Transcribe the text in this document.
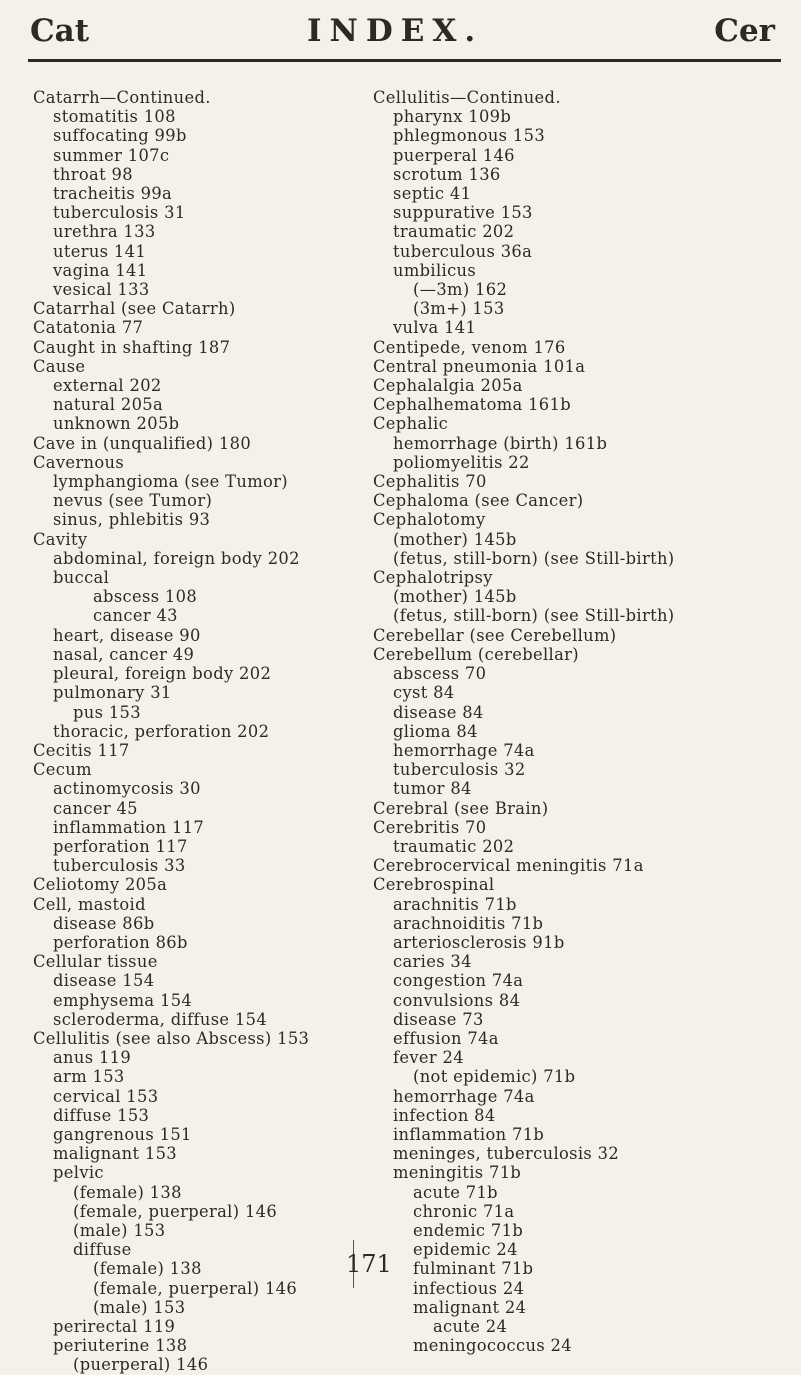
Cat	INDEX.	Cer
Catarrh—Continued.
stomatitis 108
suffocating 99b
summer 107c
throat 98
tracheitis 99a
tuberculosis 31
urethra 133
uterus 141
vagina 141
vesical 133
Catarrhal (see Catarrh)
Catatonia 77
Caught in shafting 187
Cause
external 202
natural 205a
unknown 205b
Cave in (unqualified) 180
Cavernous
lymphangioma (see Tumor)
nevus (see Tumor)
sinus, phlebitis 93
Cavity
abdominal, foreign body 202
buccal
abscess 108
cancer 43
heart, disease 90
nasal, cancer 49
pleural, foreign body 202
pulmonary 31
pus 153
thoracic, perforation 202
Cecitis 117
Cecum
actinomycosis 30
cancer 45
inflammation 117
perforation 117
tuberculosis 33
Celiotomy 205a
Cell, mastoid
disease 86b
perforation 86b
Cellular tissue
disease 154
emphysema 154
scleroderma, diffuse 154
Cellulitis (see also Abscess) 153
anus 119
arm 153
cervical 153
diffuse 153
gangrenous 151
malignant 153
pelvic
(female) 138
(female, puerperal) 146
(male) 153
diffuse
(female) 138
(female, puerperal) 146
(male) 153
perirectal 119
periuterine 138
(puerperal) 146
Cellulitis—Continued.
pharynx 109b
phlegmonous 153
puerperal 146
scrotum 136
septic 41
suppurative 153
traumatic 202
tuberculous 36a
umbilicus
(—3m) 162
(3m+) 153
vulva 141
Centipede, venom 176
Central pneumonia 101a
Cephalalgia 205a
Cephalhematoma 161b
Cephalic
hemorrhage (birth) 161b
poliomyelitis 22
Cephalitis 70
Cephaloma (see Cancer)
Cephalotomy
(mother) 145b
(fetus, still-born) (see Still-birth)
Cephalotripsy
(mother) 145b
(fetus, still-born) (see Still-birth)
Cerebellar (see Cerebellum)
Cerebellum (cerebellar)
abscess 70
cyst 84
disease 84
glioma 84
hemorrhage 74a
tuberculosis 32
tumor 84
Cerebral (see Brain)
Cerebritis 70
traumatic 202
Cerebrocervical meningitis 71a
Cerebrospinal
arachnitis 71b
arachnoiditis 71b
arteriosclerosis 91b
caries 34
congestion 74a
convulsions 84
disease 73
effusion 74a
fever 24
(not epidemic) 71b
hemorrhage 74a
infection 84
inflammation 71b
meninges, tuberculosis 32
meningitis 71b
acute 71b
chronic 71a
endemic 71b
epidemic 24
fulminant 71b
infectious 24
malignant 24
acute 24
meningococcus 24
171
